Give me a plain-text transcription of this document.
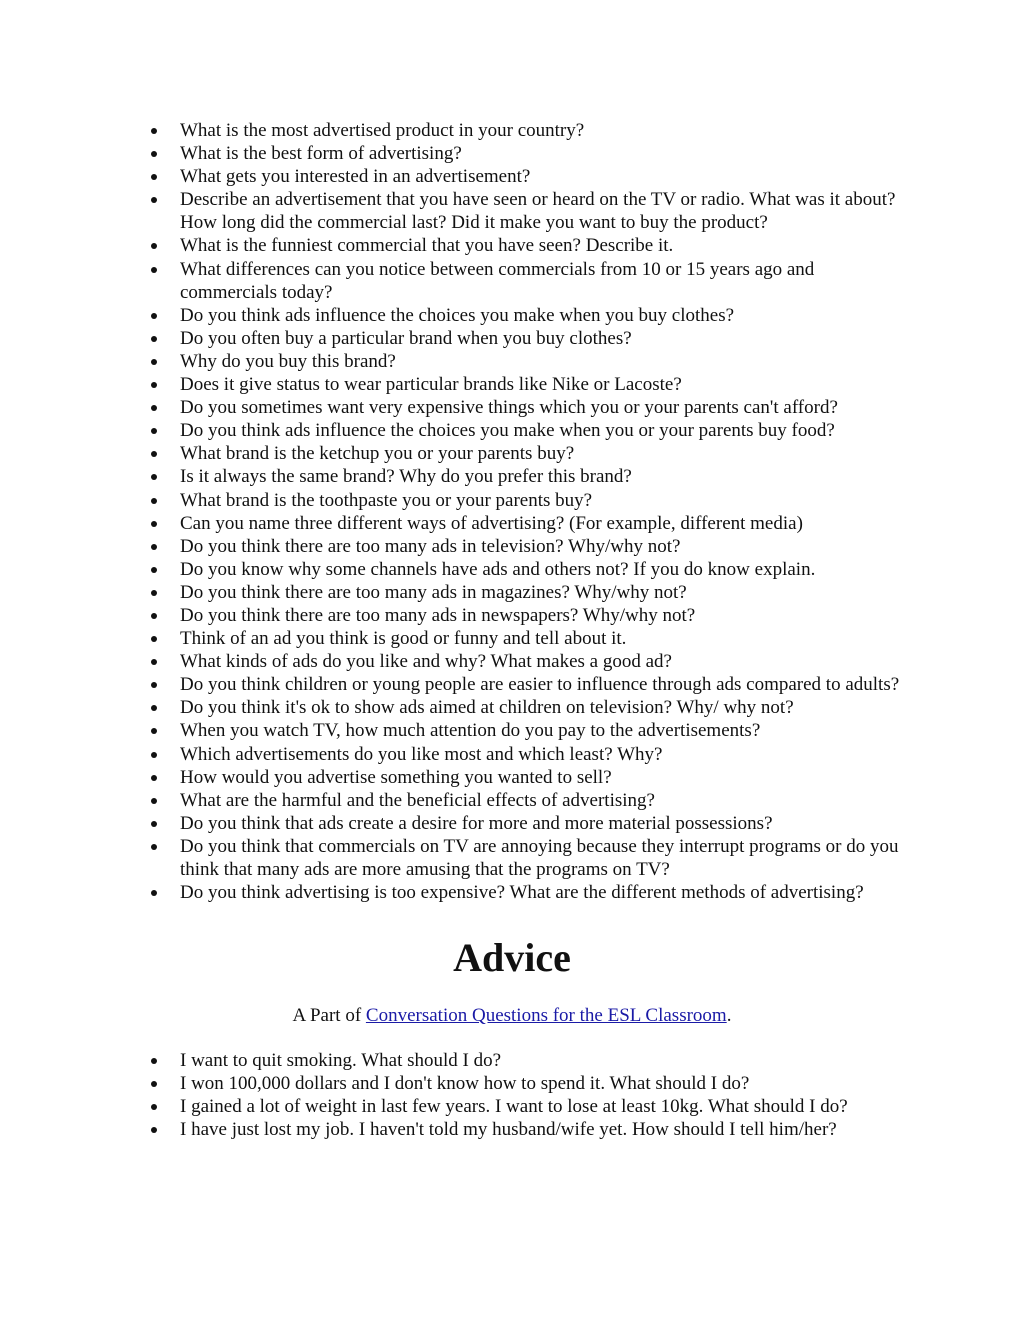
What is the most advertised product in your country?
What is the best form of advertising?
What gets you interested in an advertisement?
Describe an advertisement that you have seen or heard on the TV or radio. What was it about? How long did the commercial last? Did it make you want to buy the product?
What is the funniest commercial that you have seen? Describe it.
What differences can you notice between commercials from 10 or 15 years ago and commercials today?
Do you think ads influence the choices you make when you buy clothes?
Do you often buy a particular brand when you buy clothes?
Why do you buy this brand?
Does it give status to wear particular brands like Nike or Lacoste?
Do you sometimes want very expensive things which you or your parents can't afford?
Do you think ads influence the choices you make when you or your parents buy food?
What brand is the ketchup you or your parents buy?
Is it always the same brand? Why do you prefer this brand?
What brand is the toothpaste you or your parents buy?
Can you name three different ways of advertising? (For example, different media)
Do you think there are too many ads in television? Why/why not?
Do you know why some channels have ads and others not? If you do know explain.
Do you think there are too many ads in magazines? Why/why not?
Do you think there are too many ads in newspapers? Why/why not?
Think of an ad you think is good or funny and tell about it.
What kinds of ads do you like and why? What makes a good ad?
Do you think children or young people are easier to influence through ads compared to adults?
Do you think it's ok to show ads aimed at children on television? Why/ why not?
When you watch TV, how much attention do you pay to the advertisements?
Which advertisements do you like most and which least? Why?
How would you advertise something you wanted to sell?
What are the harmful and the beneficial effects of advertising?
Do you think that ads create a desire for more and more material possessions?
Do you think that commercials on TV are annoying because they interrupt programs or do you think that many ads are more amusing that the programs on TV?
Do you think advertising is too expensive? What are the different methods of advertising?
Advice

A Part of Conversation Questions for the ESL Classroom.

I want to quit smoking. What should I do?
I won 100,000 dollars and I don't know how to spend it. What should I do?
I gained a lot of weight in last few years. I want to lose at least 10kg. What should I do?
I have just lost my job. I haven't told my husband/wife yet. How should I tell him/her?
